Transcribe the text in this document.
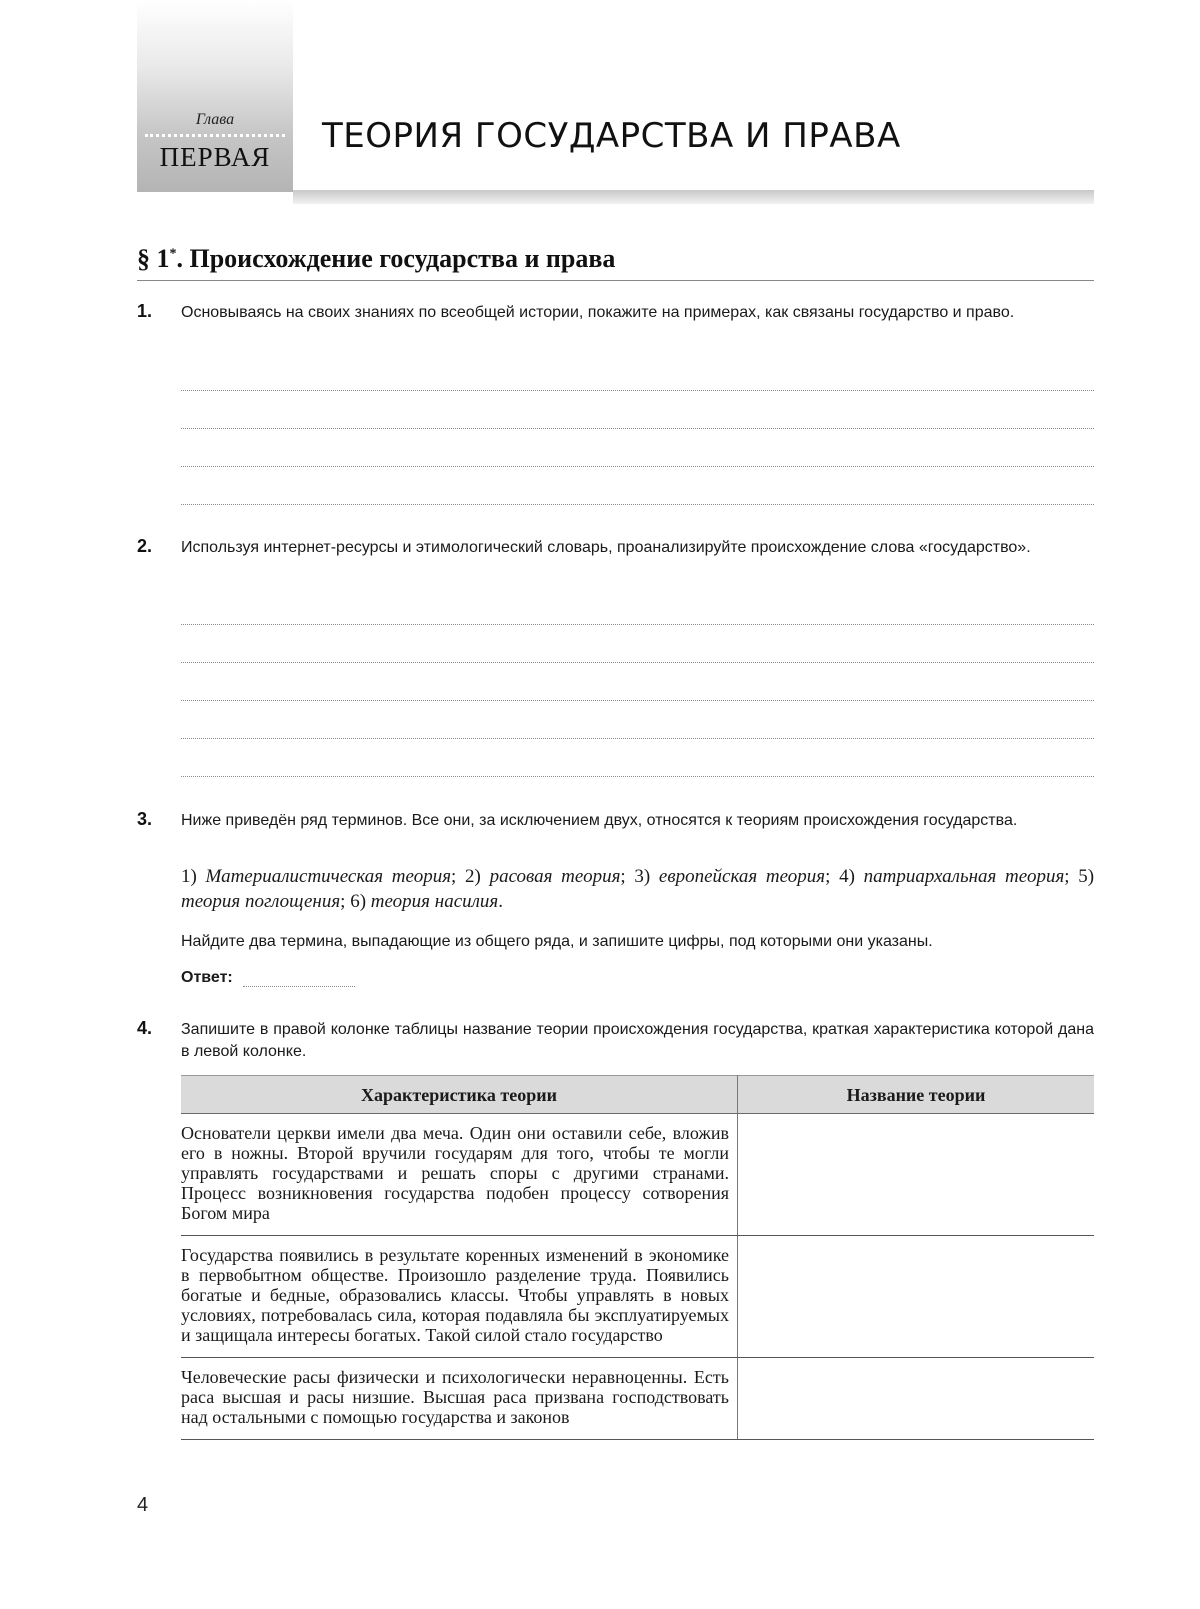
Глава
ПЕРВАЯ
ТЕОРИЯ ГОСУДАРСТВА И ПРАВА
§ 1*. Происхождение государства и права
1. Основываясь на своих знаниях по всеобщей истории, покажите на примерах, как связаны государство и право.
2. Используя интернет-ресурсы и этимологический словарь, проанализируйте происхождение слова «государство».
3. Ниже приведён ряд терминов. Все они, за исключением двух, относятся к теориям происхождения государства.
1) Материалистическая теория; 2) расовая теория; 3) европейская теория; 4) патриархальная теория; 5) теория поглощения; 6) теория насилия.
Найдите два термина, выпадающие из общего ряда, и запишите цифры, под которыми они указаны.
Ответ:
4. Запишите в правой колонке таблицы название теории происхождения государства, краткая характеристика которой дана в левой колонке.
Характеристика теории	Название теории
Основатели церкви имели два меча. Один они оставили себе, вложив его в ножны. Второй вручили государям для того, чтобы те могли управлять государствами и решать споры с другими странами. Процесс возникновения государства подобен процессу сотворения Богом мира	
Государства появились в результате коренных изменений в экономике в первобытном обществе. Произошло разделение труда. Появились богатые и бедные, образовались классы. Чтобы управлять в новых условиях, потребовалась сила, которая подавляла бы эксплуатируемых и защищала интересы богатых. Такой силой стало государство	
Человеческие расы физически и психологически неравноценны. Есть раса высшая и расы низшие. Высшая раса призвана господствовать над остальными с помощью государства и законов	
4
